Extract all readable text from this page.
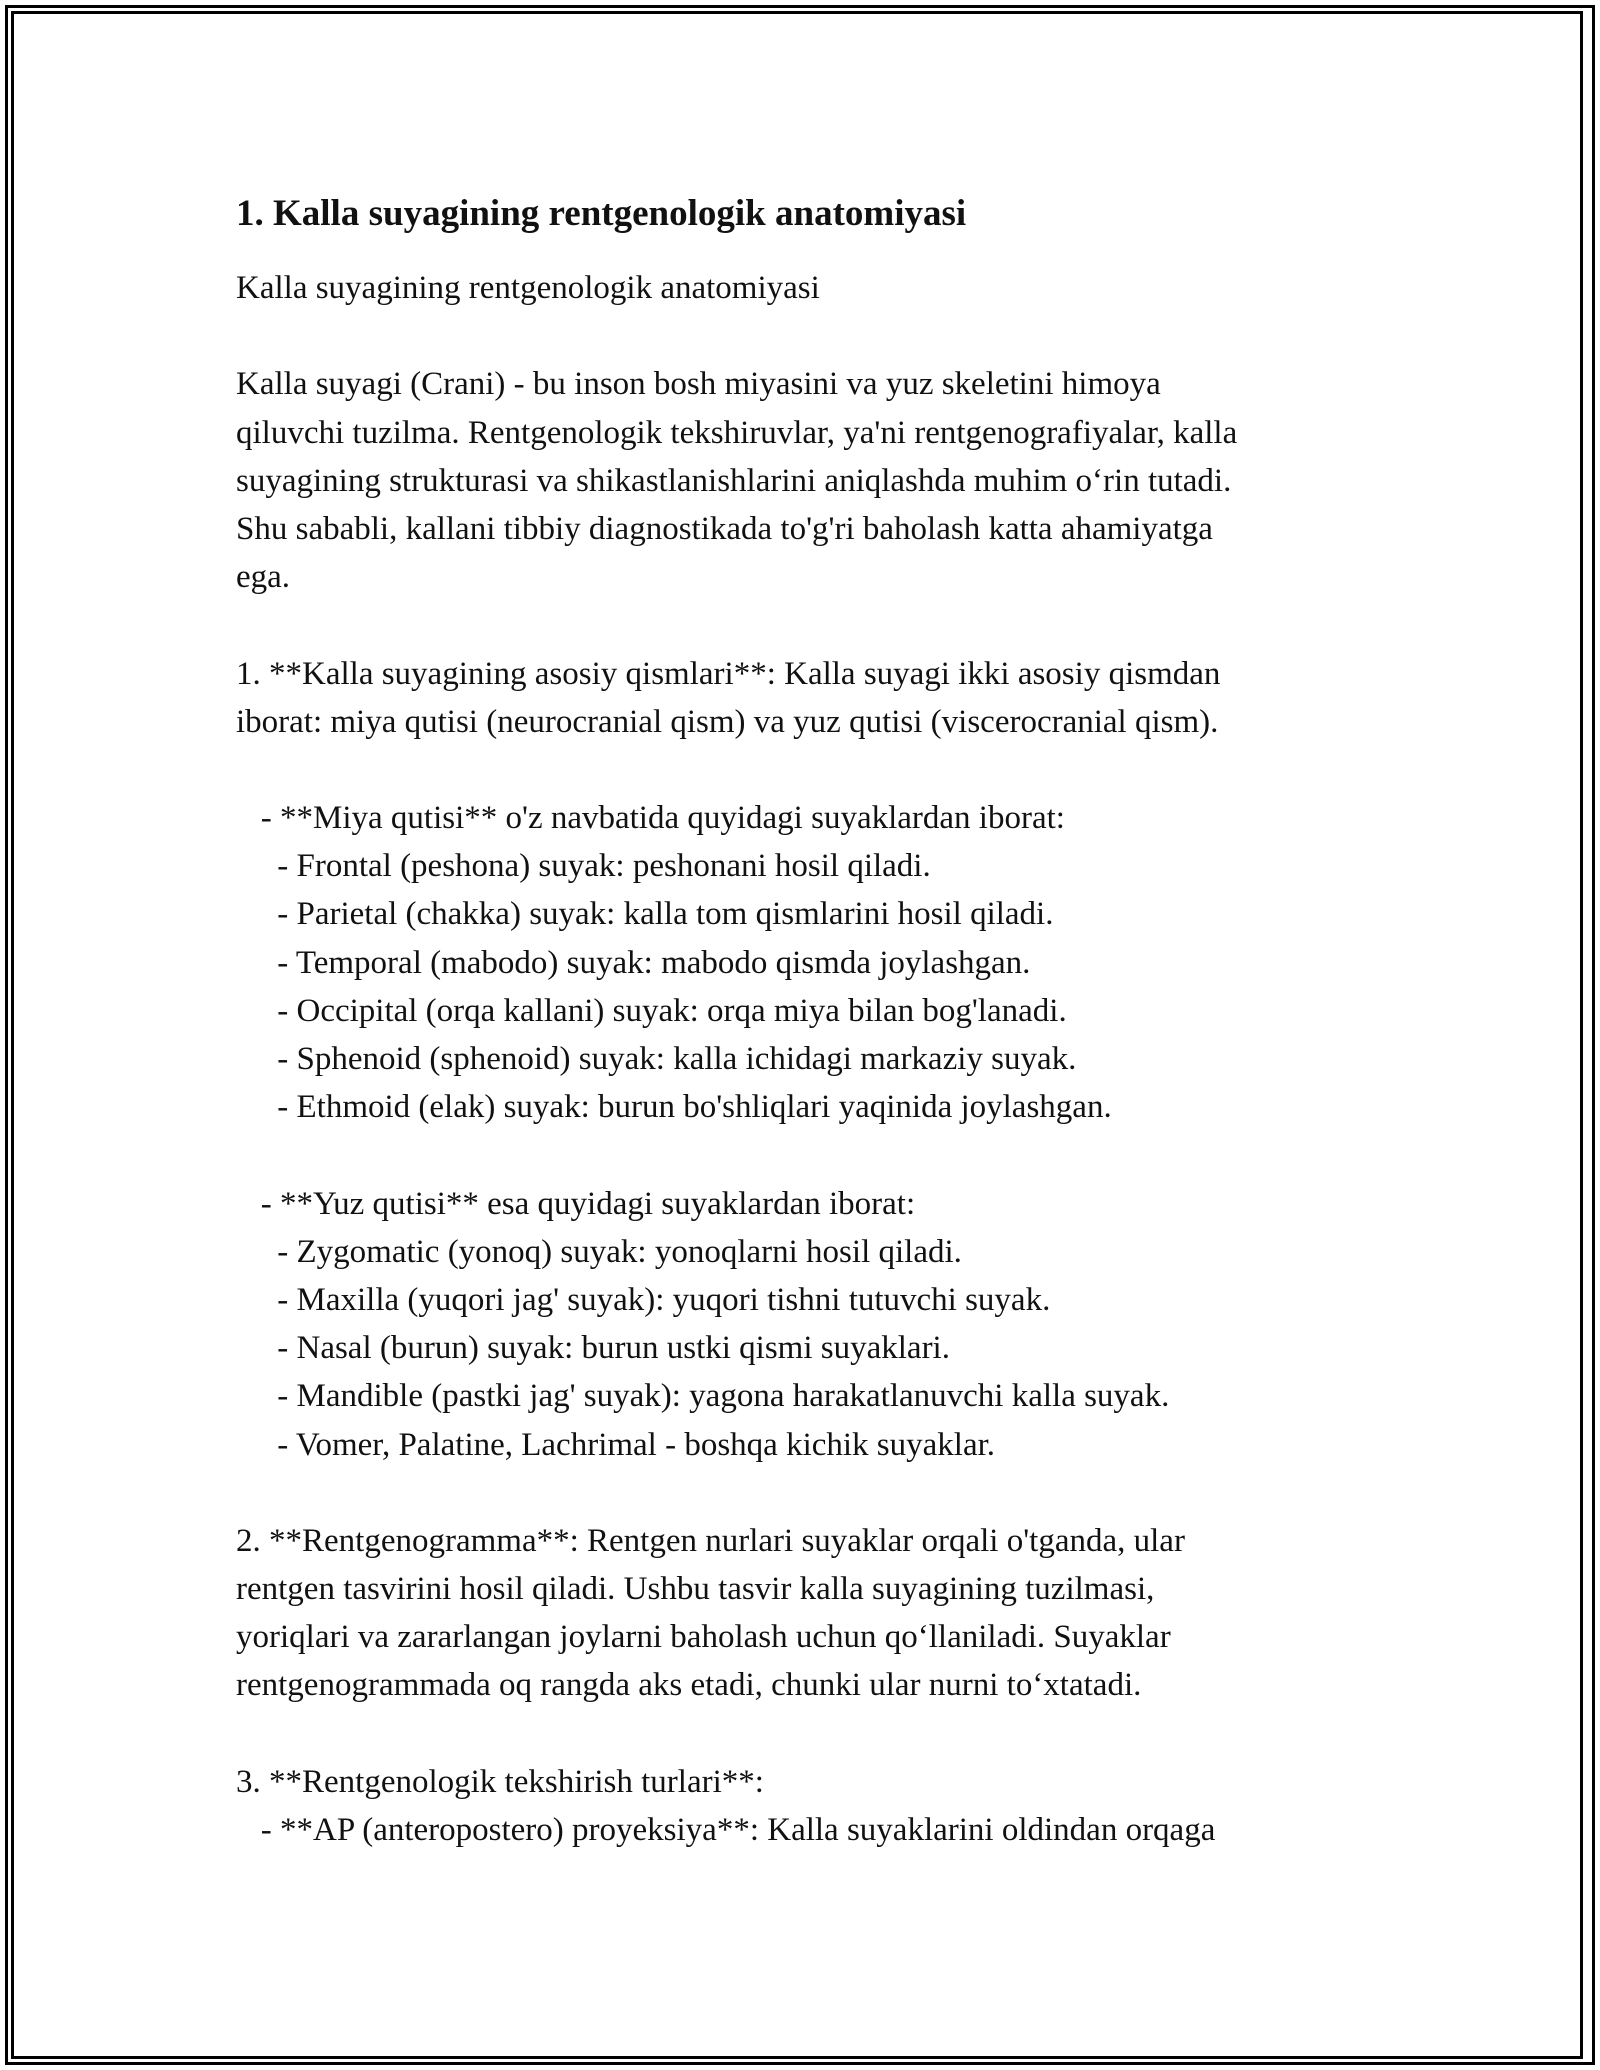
1. Kalla suyagining rentgenologik anatomiyasi
Kalla suyagining rentgenologik anatomiyasi
Kalla suyagi (Crani) - bu inson bosh miyasini va yuz skeletini himoya
qiluvchi tuzilma. Rentgenologik tekshiruvlar, ya'ni rentgenografiyalar, kalla
suyagining strukturasi va shikastlanishlarini aniqlashda muhim o‘rin tutadi.
Shu sababli, kallani tibbiy diagnostikada to'g'ri baholash katta ahamiyatga
ega.
1. **Kalla suyagining asosiy qismlari**: Kalla suyagi ikki asosiy qismdan
iborat: miya qutisi (neurocranial qism) va yuz qutisi (viscerocranial qism).
- **Miya qutisi** o'z navbatida quyidagi suyaklardan iborat:
- Frontal (peshona) suyak: peshonani hosil qiladi.
- Parietal (chakka) suyak: kalla tom qismlarini hosil qiladi.
- Temporal (mabodo) suyak: mabodo qismda joylashgan.
- Occipital (orqa kallani) suyak: orqa miya bilan bog'lanadi.
- Sphenoid (sphenoid) suyak: kalla ichidagi markaziy suyak.
- Ethmoid (elak) suyak: burun bo'shliqlari yaqinida joylashgan.
- **Yuz qutisi** esa quyidagi suyaklardan iborat:
- Zygomatic (yonoq) suyak: yonoqlarni hosil qiladi.
- Maxilla (yuqori jag' suyak): yuqori tishni tutuvchi suyak.
- Nasal (burun) suyak: burun ustki qismi suyaklari.
- Mandible (pastki jag' suyak): yagona harakatlanuvchi kalla suyak.
- Vomer, Palatine, Lachrimal - boshqa kichik suyaklar.
2. **Rentgenogramma**: Rentgen nurlari suyaklar orqali o'tganda, ular
rentgen tasvirini hosil qiladi. Ushbu tasvir kalla suyagining tuzilmasi,
yoriqlari va zararlangan joylarni baholash uchun qo‘llaniladi. Suyaklar
rentgenogrammada oq rangda aks etadi, chunki ular nurni to‘xtatadi.
3. **Rentgenologik tekshirish turlari**:
- **AP (anteropostero) proyeksiya**: Kalla suyaklarini oldindan orqaga
